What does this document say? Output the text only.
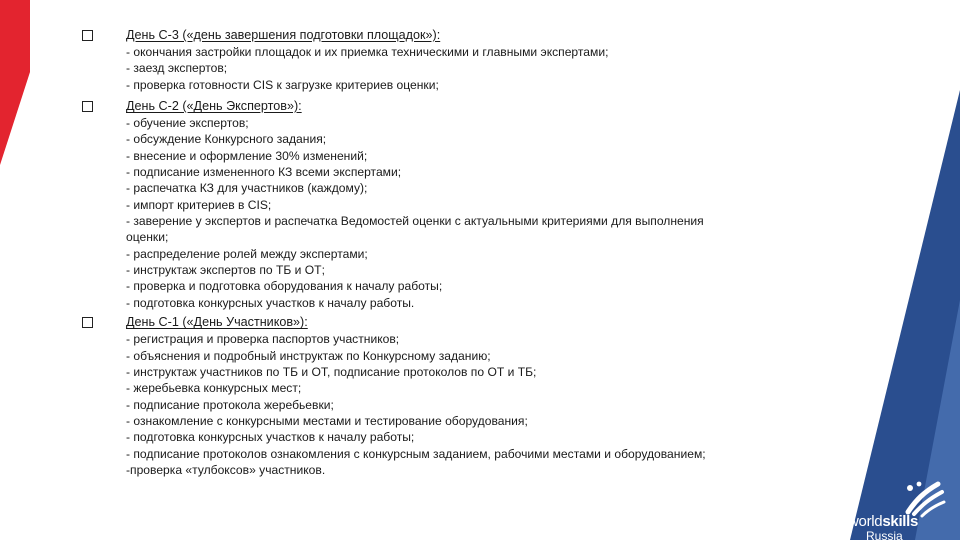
День С-3 («день завершения подготовки площадок»):

- окончания застройки площадок и их приемка техническими и главными экспертами;

- заезд экспертов;

- проверка готовности CIS к загрузке критериев оценки;

День С-2 («День Экспертов»):

- обучение экспертов;

- обсуждение Конкурсного задания;

- внесение и оформление 30% изменений;

- подписание измененного КЗ всеми экспертами;

- распечатка КЗ для участников (каждому);

- импорт критериев в CIS;

- заверение у экспертов и распечатка Ведомостей оценки с актуальными критериями для выполнения оценки;

- распределение ролей между экспертами;

- инструктаж экспертов по ТБ и ОТ;

- проверка и подготовка оборудования к началу работы;

- подготовка конкурсных участков к началу работы.

День С-1 («День Участников»):

- регистрация и проверка паспортов участников;

- объяснения и подробный инструктаж по Конкурсному заданию;

- инструктаж участников по ТБ и ОТ, подписание протоколов по ОТ и ТБ;

- жеребьевка конкурсных мест;

- подписание протокола жеребьевки;

- ознакомление с конкурсными местами и тестирование оборудования;

- подготовка конкурсных участков к началу работы;

- подписание протоколов ознакомления с конкурсным заданием, рабочими местами и оборудованием;

-проверка «тулбоксов» участников.

worldskills
Russia
